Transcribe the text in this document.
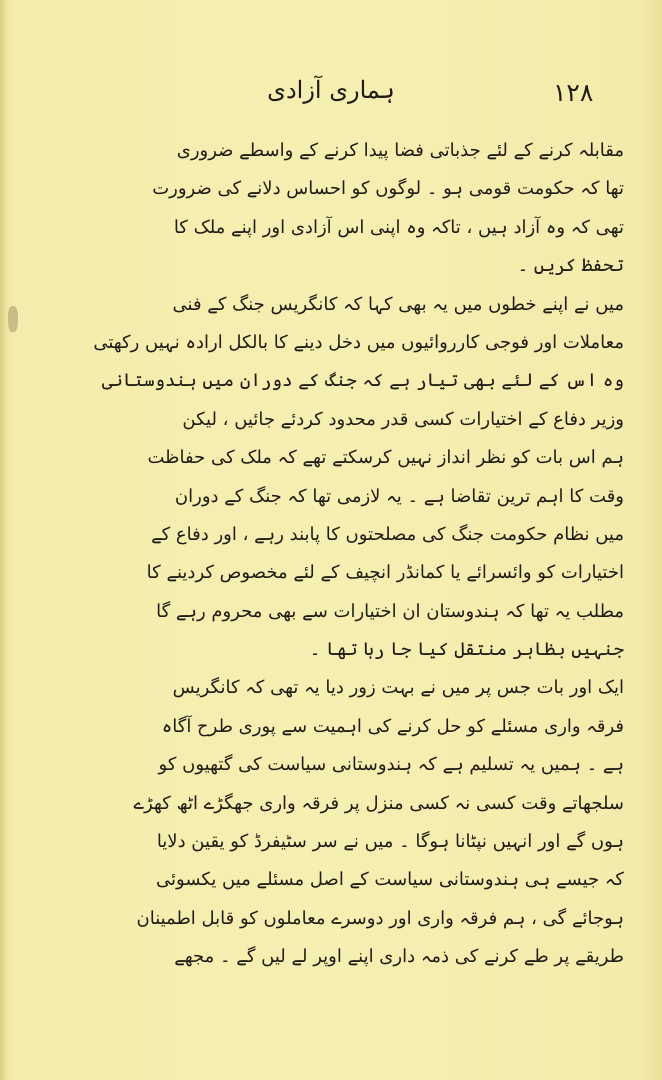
ہماری آزادی	۱۲۸
مقابلہ کرنے کے لئے جذباتی فضا پیدا کرنے کے واسطے ضروری
تھا کہ حکومت قومی ہو ۔ لوگوں کو احساس دلانے کی ضرورت
تھی کہ وہ آزاد ہیں ، تاکہ وہ اپنی اس آزادی اور اپنے ملک کا
تحفظ کریں ۔
میں نے اپنے خطوں میں یہ بھی کہا کہ کانگریس جنگ کے فنی
معاملات اور فوجی کارروائیوں میں دخل دینے کا بالکل ارادہ نہیں رکھتی
وہ اس کے لئے بھی تیار ہے کہ جنگ کے دوران میں ہندوستانی
وزیر دفاع کے اختیارات کسی قدر محدود کردئے جائیں ، لیکن
ہم اس بات کو نظر انداز نہیں کرسکتے تھے کہ ملک کی حفاظت
وقت کا اہم ترین تقاضا ہے ۔ یہ لازمی تھا کہ جنگ کے دوران
میں نظام حکومت جنگ کی مصلحتوں کا پابند رہے ، اور دفاع کے
اختیارات کو وائسرائے یا کمانڈر انچیف کے لئے مخصوص کردینے کا
مطلب یہ تھا کہ ہندوستان ان اختیارات سے بھی محروم رہے گا
جنہیں بظاہر منتقل کیا جا رہا تھا ۔
ایک اور بات جس پر میں نے بہت زور دیا یہ تھی کہ کانگریس
فرقہ واری مسئلے کو حل کرنے کی اہمیت سے پوری طرح آگاہ
ہے ۔ ہمیں یہ تسلیم ہے کہ ہندوستانی سیاست کی گتھیوں کو
سلجھاتے وقت کسی نہ کسی منزل پر فرقہ واری جھگڑے اٹھ کھڑے
ہوں گے اور انہیں نپٹانا ہوگا ۔ میں نے سر سٹیفرڈ کو یقین دلایا
کہ جیسے ہی ہندوستانی سیاست کے اصل مسئلے میں یکسوئی
ہوجائے گی ، ہم فرقہ واری اور دوسرے معاملوں کو قابل اطمینان
طریقے پر طے کرنے کی ذمہ داری اپنے اوپر لے لیں گے ۔ مجھے
